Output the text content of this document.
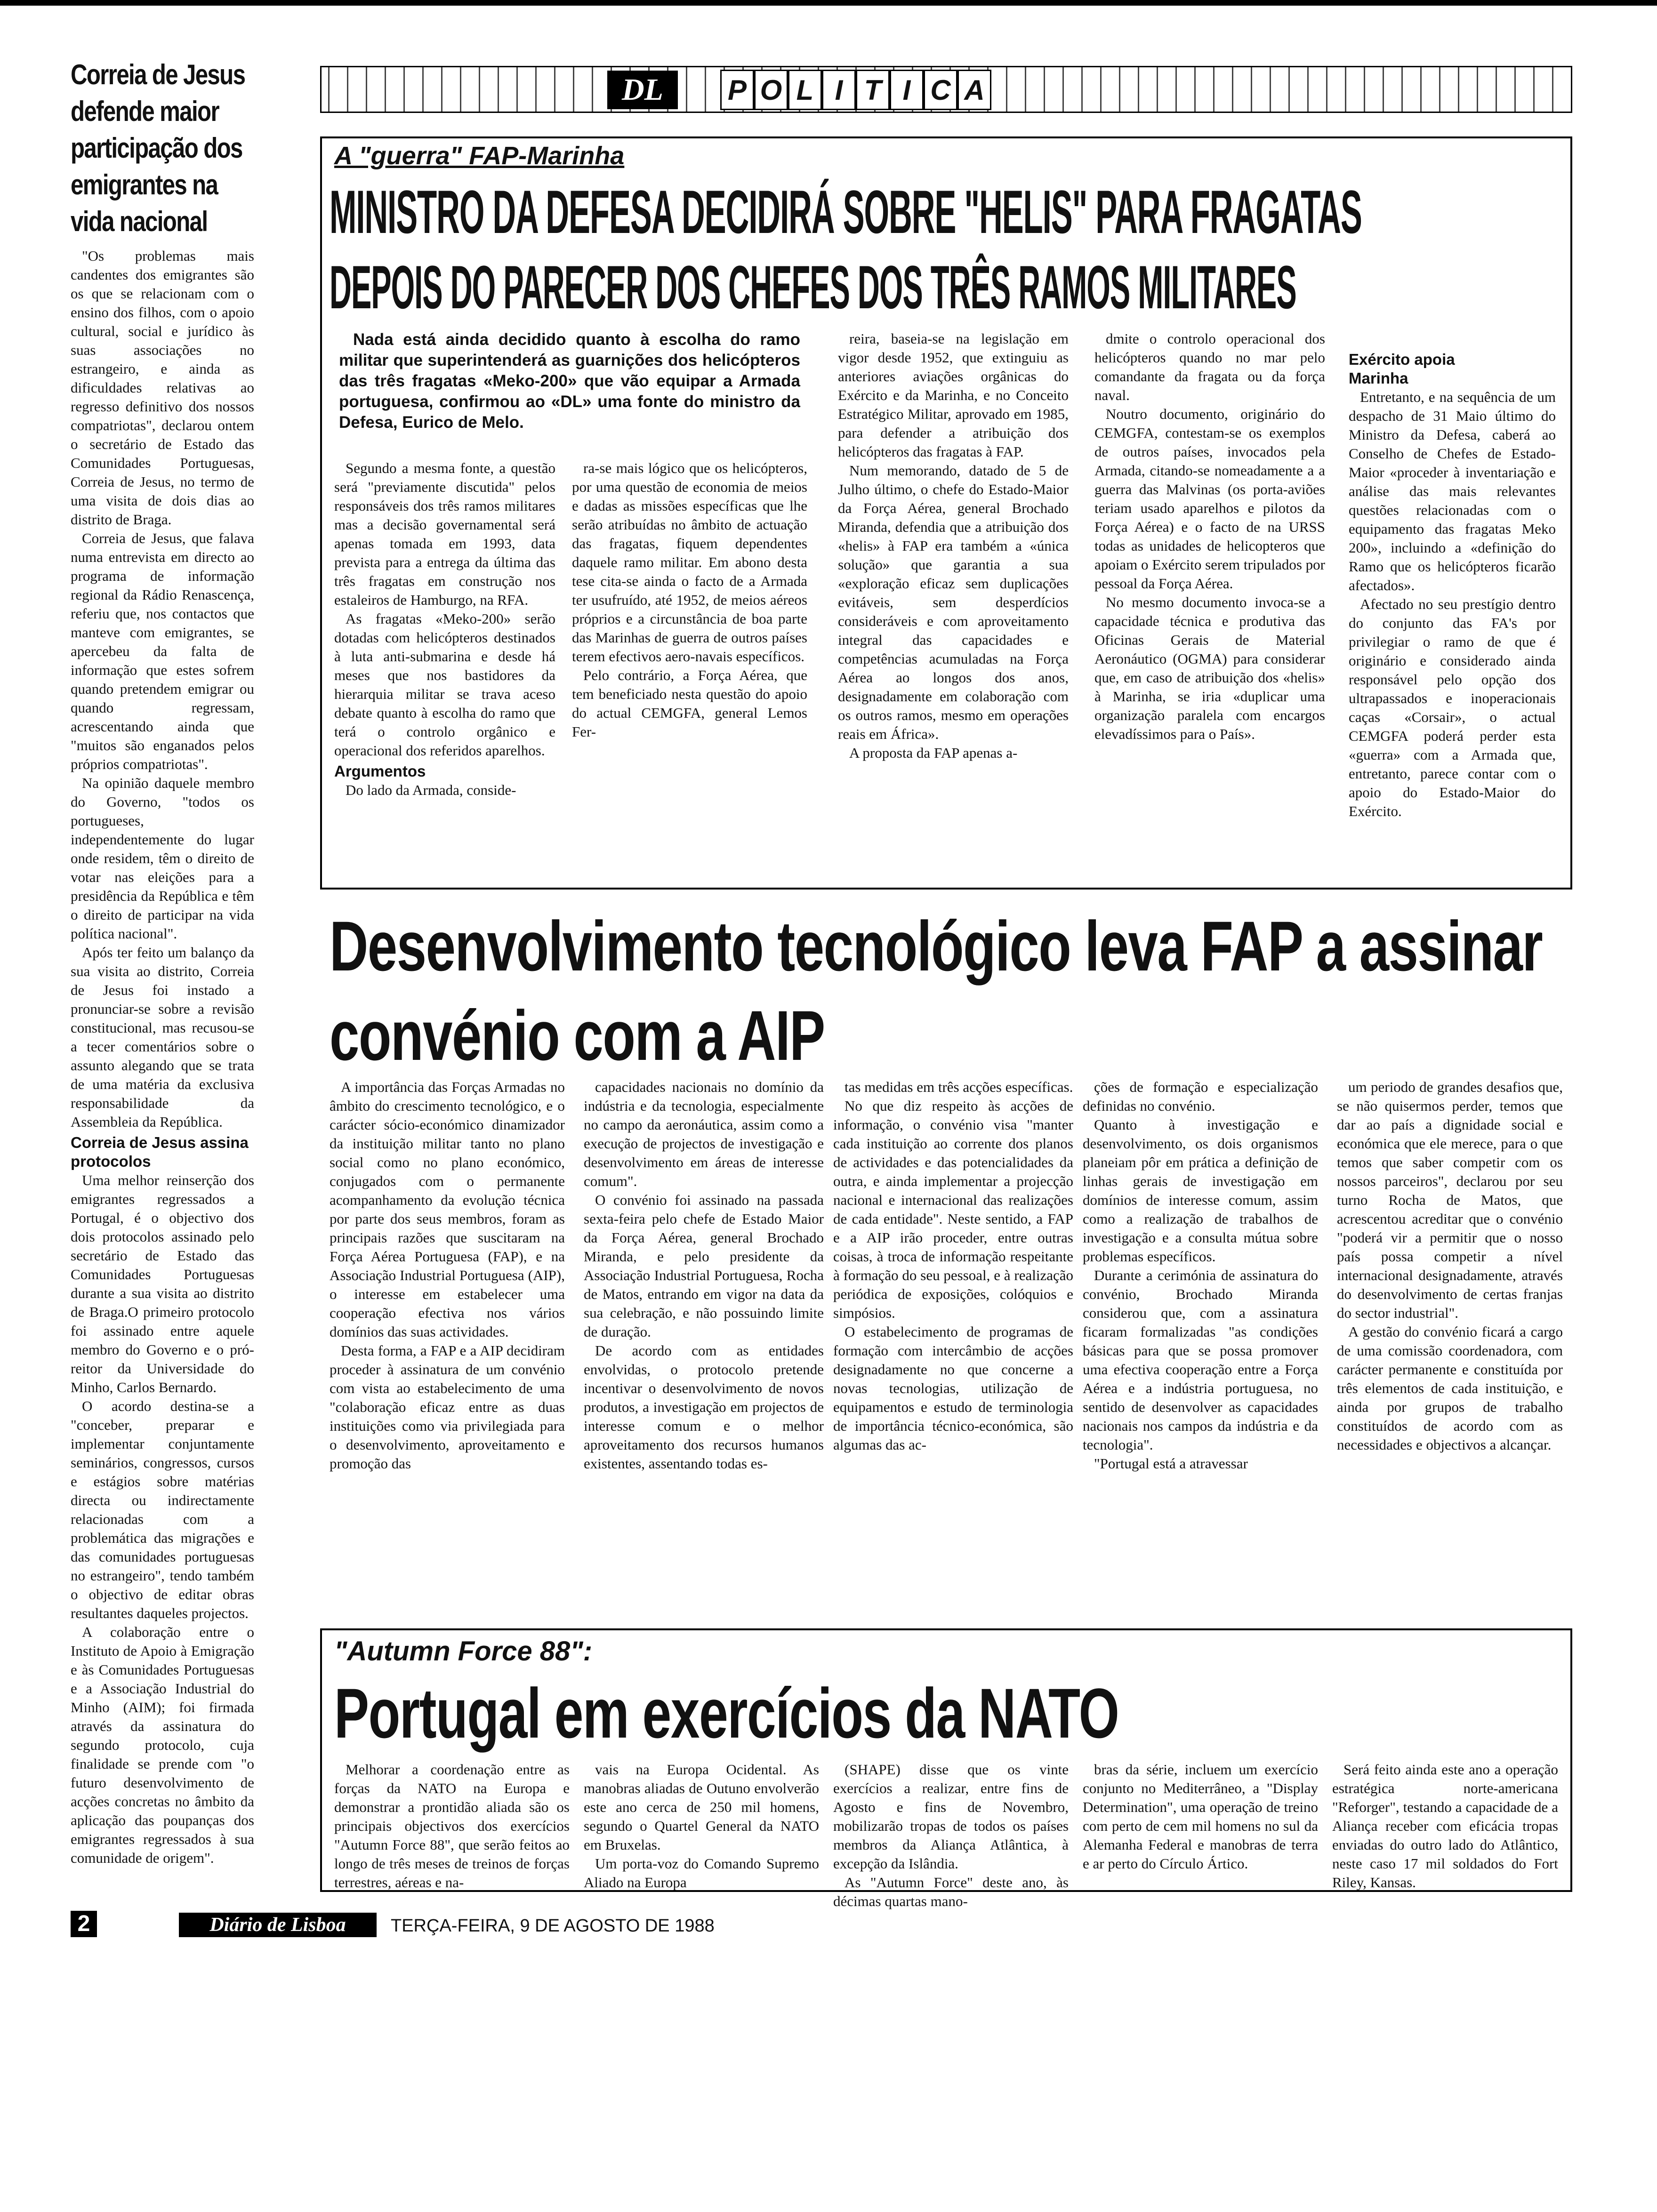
Correia de Jesus defende maior participação dos emigrantes na vida nacional

"Os problemas mais candentes dos emigrantes são os que se relacionam com o ensino dos filhos, com o apoio cultural, social e jurídico às suas associações no estrangeiro, e ainda as dificuldades relativas ao regresso definitivo dos nossos compatriotas", declarou ontem o secretário de Estado das Comunidades Portuguesas, Correia de Jesus, no termo de uma visita de dois dias ao distrito de Braga.

Correia de Jesus, que falava numa entrevista em directo ao programa de informação regional da Rádio Renascença, referiu que, nos contactos que manteve com emigrantes, se apercebeu da falta de informação que estes sofrem quando pretendem emigrar ou quando regressam, acrescentando ainda que "muitos são enganados pelos próprios compatriotas".

Na opinião daquele membro do Governo, "todos os portugueses, independentemente do lugar onde residem, têm o direito de votar nas eleições para a presidência da República e têm o direito de participar na vida política nacional".

Após ter feito um balanço da sua visita ao distrito, Correia de Jesus foi instado a pronunciar-se sobre a revisão constitucional, mas recusou-se a tecer comentários sobre o assunto alegando que se trata de uma matéria da exclusiva responsabilidade da Assembleia da República.

Correia de Jesus assina protocolos

Uma melhor reinserção dos emigrantes regressados a Portugal, é o objectivo dos dois protocolos assinado pelo secretário de Estado das Comunidades Portuguesas durante a sua visita ao distrito de Braga.O primeiro protocolo foi assinado entre aquele membro do Governo e o pró-reitor da Universidade do Minho, Carlos Bernardo.

O acordo destina-se a "conceber, preparar e implementar conjuntamente seminários, congressos, cursos e estágios sobre matérias directa ou indirectamente relacionadas com a problemática das migrações e das comunidades portuguesas no estrangeiro", tendo também o objectivo de editar obras resultantes daqueles projectos.

A colaboração entre o Instituto de Apoio à Emigração e às Comunidades Portuguesas e a Associação Industrial do Minho (AIM); foi firmada através da assinatura do segundo protocolo, cuja finalidade se prende com "o futuro desenvolvimento de acções concretas no âmbito da aplicação das poupanças dos emigrantes regressados à sua comunidade de origem".

DL	P O L I T I C A
A "guerra" FAP-Marinha
MINISTRO DA DEFESA DECIDIRÁ SOBRE "HELIS" PARA FRAGATAS
DEPOIS DO PARECER DOS CHEFES DOS TRÊS RAMOS MILITARES
Nada está ainda decidido quanto à escolha do ramo militar que superintenderá as guarnições dos helicópteros das três fragatas «Meko-200» que vão equipar a Armada portuguesa, confirmou ao «DL» uma fonte do ministro da Defesa, Eurico de Melo.

Segundo a mesma fonte, a questão será "previamente discutida" pelos responsáveis dos três ramos militares mas a decisão governamental será apenas tomada em 1993, data prevista para a entrega da última das três fragatas em construção nos estaleiros de Hamburgo, na RFA.

As fragatas «Meko-200» serão dotadas com helicópteros destinados à luta anti-submarina e desde há meses que nos bastidores da hierarquia militar se trava aceso debate quanto à escolha do ramo que terá o controlo orgânico e operacional dos referidos aparelhos.

Argumentos

Do lado da Armada, conside-

ra-se mais lógico que os helicópteros, por uma questão de economia de meios e dadas as missões específicas que lhe serão atribuídas no âmbito de actuação das fragatas, fiquem dependentes daquele ramo militar. Em abono desta tese cita-se ainda o facto de a Armada ter usufruído, até 1952, de meios aéreos próprios e a circunstância de boa parte das Marinhas de guerra de outros países terem efectivos aero-navais específicos.

Pelo contrário, a Força Aérea, que tem beneficiado nesta questão do apoio do actual CEMGFA, general Lemos Fer-

reira, baseia-se na legislação em vigor desde 1952, que extinguiu as anteriores aviações orgânicas do Exército e da Marinha, e no Conceito Estratégico Militar, aprovado em 1985, para defender a atribuição dos helicópteros das fragatas à FAP.

Num memorando, datado de 5 de Julho último, o chefe do Estado-Maior da Força Aérea, general Brochado Miranda, defendia que a atribuição dos «helis» à FAP era também a «única solução» que garantia a sua «exploração eficaz sem duplicações evitáveis, sem desperdícios consideráveis e com aproveitamento integral das capacidades e competências acumuladas na Força Aérea ao longos dos anos, designadamente em colaboração com os outros ramos, mesmo em operações reais em África».

A proposta da FAP apenas a-

dmite o controlo operacional dos helicópteros quando no mar pelo comandante da fragata ou da força naval.

Noutro documento, originário do CEMGFA, contestam-se os exemplos de outros países, invocados pela Armada, citando-se nomeadamente a a guerra das Malvinas (os porta-aviões teriam usado aparelhos e pilotos da Força Aérea) e o facto de na URSS todas as unidades de helicopteros que apoiam o Exército serem tripulados por pessoal da Força Aérea.

No mesmo documento invoca-se a capacidade técnica e produtiva das Oficinas Gerais de Material Aeronáutico (OGMA) para considerar que, em caso de atribuição dos «helis» à Marinha, se iria «duplicar uma organização paralela com encargos elevadíssimos para o País».

Exército apoia Marinha

Entretanto, e na sequência de um despacho de 31 Maio último do Ministro da Defesa, caberá ao Conselho de Chefes de Estado-Maior «proceder à inventariação e análise das mais relevantes questões relacionadas com o equipamento das fragatas Meko 200», incluindo a «definição do Ramo que os helicópteros ficarão afectados».

Afectado no seu prestígio dentro do conjunto das FA's por privilegiar o ramo de que é originário e considerado ainda responsável pelo opção dos ultrapassados e inoperacionais caças «Corsair», o actual CEMGFA poderá perder esta «guerra» com a Armada que, entretanto, parece contar com o apoio do Estado-Maior do Exército.

Desenvolvimento tecnológico leva FAP a assinar
convénio com a AIP

A importância das Forças Armadas no âmbito do crescimento tecnológico, e o carácter sócio-económico dinamizador da instituição militar tanto no plano social como no plano económico, conjugados com o permanente acompanhamento da evolução técnica por parte dos seus membros, foram as principais razões que suscitaram na Força Aérea Portuguesa (FAP), e na Associação Industrial Portuguesa (AIP), o interesse em estabelecer uma cooperação efectiva nos vários domínios das suas actividades.

Desta forma, a FAP e a AIP decidiram proceder à assinatura de um convénio com vista ao estabelecimento de uma "colaboração eficaz entre as duas instituições como via privilegiada para o desenvolvimento, aproveitamento e promoção das

capacidades nacionais no domínio da indústria e da tecnologia, especialmente no campo da aeronáutica, assim como a execução de projectos de investigação e desenvolvimento em áreas de interesse comum".

O convénio foi assinado na passada sexta-feira pelo chefe de Estado Maior da Força Aérea, general Brochado Miranda, e pelo presidente da Associação Industrial Portuguesa, Rocha de Matos, entrando em vigor na data da sua celebração, e não possuindo limite de duração.

De acordo com as entidades envolvidas, o protocolo pretende incentivar o desenvolvimento de novos produtos, a investigação em projectos de interesse comum e o melhor aproveitamento dos recursos humanos existentes, assentando todas es-

tas medidas em três acções específicas.

No que diz respeito às acções de informação, o convénio visa "manter cada instituição ao corrente dos planos de actividades e das potencialidades da outra, e ainda implementar a projecção nacional e internacional das realizações de cada entidade". Neste sentido, a FAP e a AIP irão proceder, entre outras coisas, à troca de informação respeitante à formação do seu pessoal, e à realização periódica de exposições, colóquios e simpósios.

O estabelecimento de programas de formação com intercâmbio de acções designadamente no que concerne a novas tecnologias, utilização de equipamentos e estudo de terminologia de importância técnico-económica, são algumas das ac-

ções de formação e especialização definidas no convénio.

Quanto à investigação e desenvolvimento, os dois organismos planeiam pôr em prática a definição de linhas gerais de investigação em domínios de interesse comum, assim como a realização de trabalhos de investigação e a consulta mútua sobre problemas específicos.

Durante a cerimónia de assinatura do convénio, Brochado Miranda considerou que, com a assinatura ficaram formalizadas "as condições básicas para que se possa promover uma efectiva cooperação entre a Força Aérea e a indústria portuguesa, no sentido de desenvolver as capacidades nacionais nos campos da indústria e da tecnologia".

"Portugal está a atravessar

um periodo de grandes desafios que, se não quisermos perder, temos que dar ao país a dignidade social e económica que ele merece, para o que temos que saber competir com os nossos parceiros", declarou por seu turno Rocha de Matos, que acrescentou acreditar que o convénio "poderá vir a permitir que o nosso país possa competir a nível internacional designadamente, através do desenvolvimento de certas franjas do sector industrial".

A gestão do convénio ficará a cargo de uma comissão coordenadora, com carácter permanente e constituída por três elementos de cada instituição, e ainda por grupos de trabalho constituídos de acordo com as necessidades e objectivos a alcançar.

"Autumn Force 88":
Portugal em exercícios da NATO

Melhorar a coordenação entre as forças da NATO na Europa e demonstrar a prontidão aliada são os principais objectivos dos exercícios "Autumn Force 88", que serão feitos ao longo de três meses de treinos de forças terrestres, aéreas e na-

vais na Europa Ocidental. As manobras aliadas de Outuno envolverão este ano cerca de 250 mil homens, segundo o Quartel General da NATO em Bruxelas.

Um porta-voz do Comando Supremo Aliado na Europa

(SHAPE) disse que os vinte exercícios a realizar, entre fins de Agosto e fins de Novembro, mobilizarão tropas de todos os países membros da Aliança Atlântica, à excepção da Islândia.

As "Autumn Force" deste ano, às décimas quartas mano-

bras da série, incluem um exercício conjunto no Mediterrâneo, a "Display Determination", uma operação de treino com perto de cem mil homens no sul da Alemanha Federal e manobras de terra e ar perto do Círculo Ártico.

Será feito ainda este ano a operação estratégica norte-americana "Reforger", testando a capacidade de a Aliança receber com eficácia tropas enviadas do outro lado do Atlântico, neste caso 17 mil soldados do Fort Riley, Kansas.

2	Diário de Lisboa	TERÇA-FEIRA, 9 DE AGOSTO DE 1988
